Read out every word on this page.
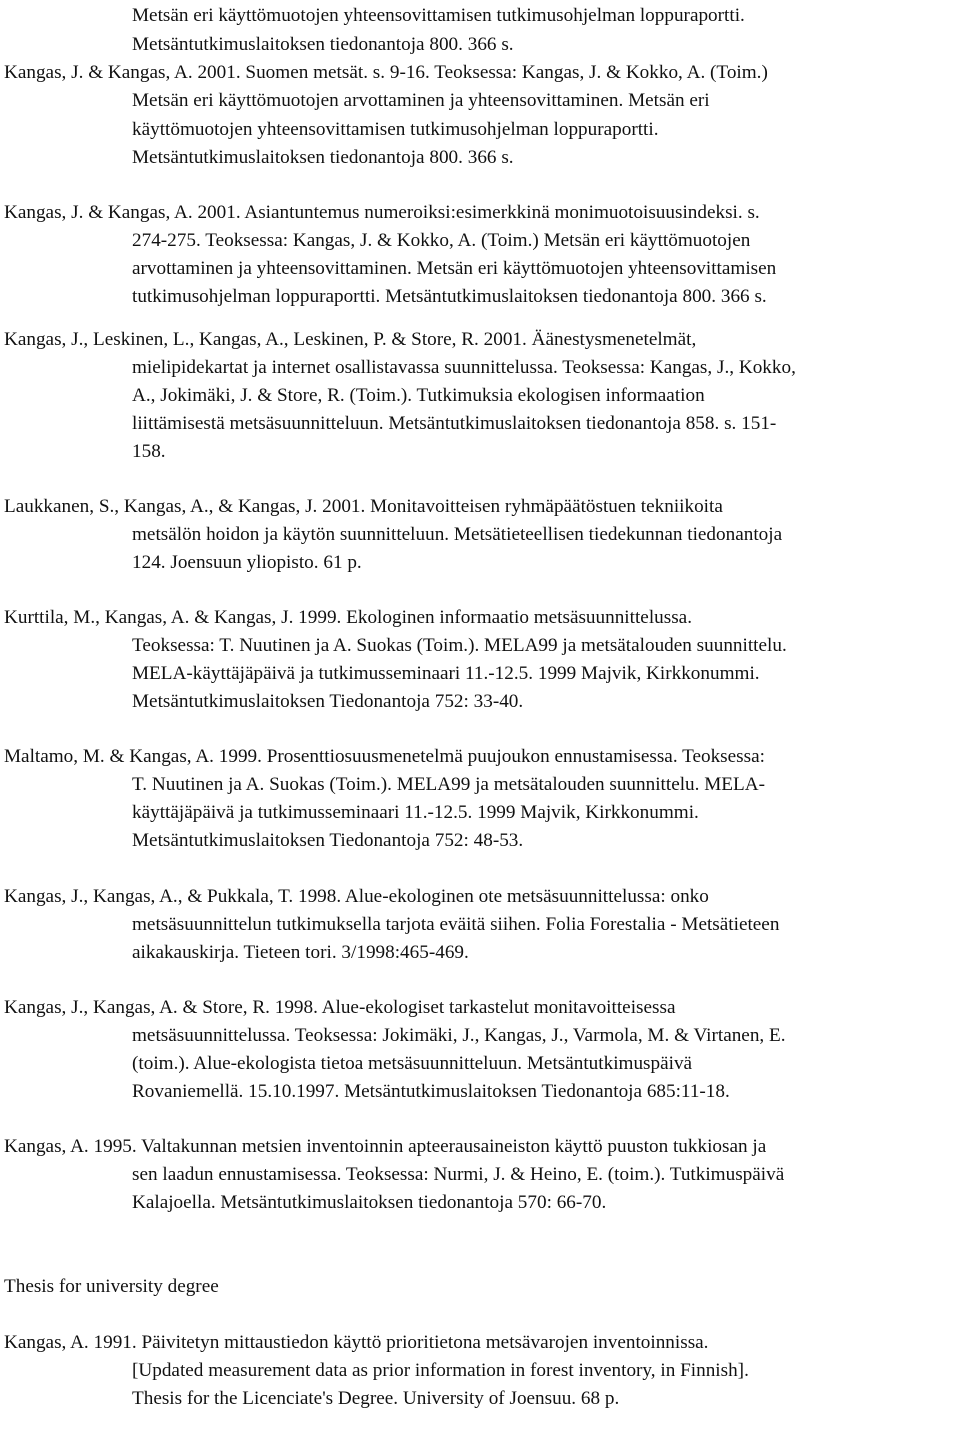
Metsän eri käyttömuotojen yhteensovittamisen tutkimusohjelman loppuraportti.
Metsäntutkimuslaitoksen tiedonantoja 800. 366 s.
Kangas, J. & Kangas, A. 2001. Suomen metsät. s. 9-16. Teoksessa: Kangas, J. & Kokko, A. (Toim.)
Metsän eri käyttömuotojen arvottaminen ja yhteensovittaminen. Metsän eri
käyttömuotojen yhteensovittamisen tutkimusohjelman loppuraportti.
Metsäntutkimuslaitoksen tiedonantoja 800. 366 s.
Kangas, J. & Kangas, A. 2001. Asiantuntemus numeroiksi:esimerkkinä monimuotoisuusindeksi. s.
274-275. Teoksessa: Kangas, J. & Kokko, A. (Toim.) Metsän eri käyttömuotojen
arvottaminen ja yhteensovittaminen. Metsän eri käyttömuotojen yhteensovittamisen
tutkimusohjelman loppuraportti. Metsäntutkimuslaitoksen tiedonantoja 800. 366 s.
Kangas, J., Leskinen, L., Kangas, A., Leskinen, P. & Store, R. 2001. Äänestysmenetelmät,
mielipidekartat ja internet osallistavassa suunnittelussa. Teoksessa: Kangas, J., Kokko,
A., Jokimäki, J. & Store, R. (Toim.). Tutkimuksia ekologisen informaation
liittämisestä metsäsuunnitteluun. Metsäntutkimuslaitoksen tiedonantoja 858. s. 151-
158.
Laukkanen, S., Kangas, A., & Kangas, J. 2001. Monitavoitteisen ryhmäpäätöstuen tekniikoita
metsälön hoidon ja käytön suunnitteluun. Metsätieteellisen tiedekunnan tiedonantoja
124. Joensuun yliopisto. 61 p.
Kurttila, M., Kangas, A. & Kangas, J. 1999. Ekologinen informaatio metsäsuunnittelussa.
Teoksessa: T. Nuutinen ja A. Suokas (Toim.). MELA99 ja metsätalouden suunnittelu.
MELA-käyttäjäpäivä ja tutkimusseminaari 11.-12.5. 1999 Majvik, Kirkkonummi.
Metsäntutkimuslaitoksen Tiedonantoja 752: 33-40.
Maltamo, M. & Kangas, A. 1999. Prosenttiosuusmenetelmä puujoukon ennustamisessa. Teoksessa:
T. Nuutinen ja A. Suokas (Toim.). MELA99 ja metsätalouden suunnittelu. MELA-
käyttäjäpäivä ja tutkimusseminaari 11.-12.5. 1999 Majvik, Kirkkonummi.
Metsäntutkimuslaitoksen Tiedonantoja 752: 48-53.
Kangas, J., Kangas, A., & Pukkala, T. 1998. Alue-ekologinen ote metsäsuunnittelussa: onko
metsäsuunnittelun tutkimuksella tarjota eväitä siihen. Folia Forestalia - Metsätieteen
aikakauskirja. Tieteen tori. 3/1998:465-469.
Kangas, J., Kangas, A. & Store, R. 1998. Alue-ekologiset tarkastelut monitavoitteisessa
metsäsuunnittelussa. Teoksessa: Jokimäki, J., Kangas, J., Varmola, M. & Virtanen, E.
(toim.). Alue-ekologista tietoa metsäsuunnitteluun. Metsäntutkimuspäivä
Rovaniemellä. 15.10.1997. Metsäntutkimuslaitoksen Tiedonantoja 685:11-18.
Kangas, A. 1995. Valtakunnan metsien inventoinnin apteerausaineiston käyttö puuston tukkiosan ja
sen laadun ennustamisessa. Teoksessa: Nurmi, J. & Heino, E. (toim.). Tutkimuspäivä
Kalajoella. Metsäntutkimuslaitoksen tiedonantoja 570: 66-70.
Thesis for university degree
Kangas, A. 1991. Päivitetyn mittaustiedon käyttö prioritietona metsävarojen inventoinnissa.
[Updated measurement data as prior information in forest inventory, in Finnish].
Thesis for the Licenciate's Degree. University of Joensuu. 68 p.
